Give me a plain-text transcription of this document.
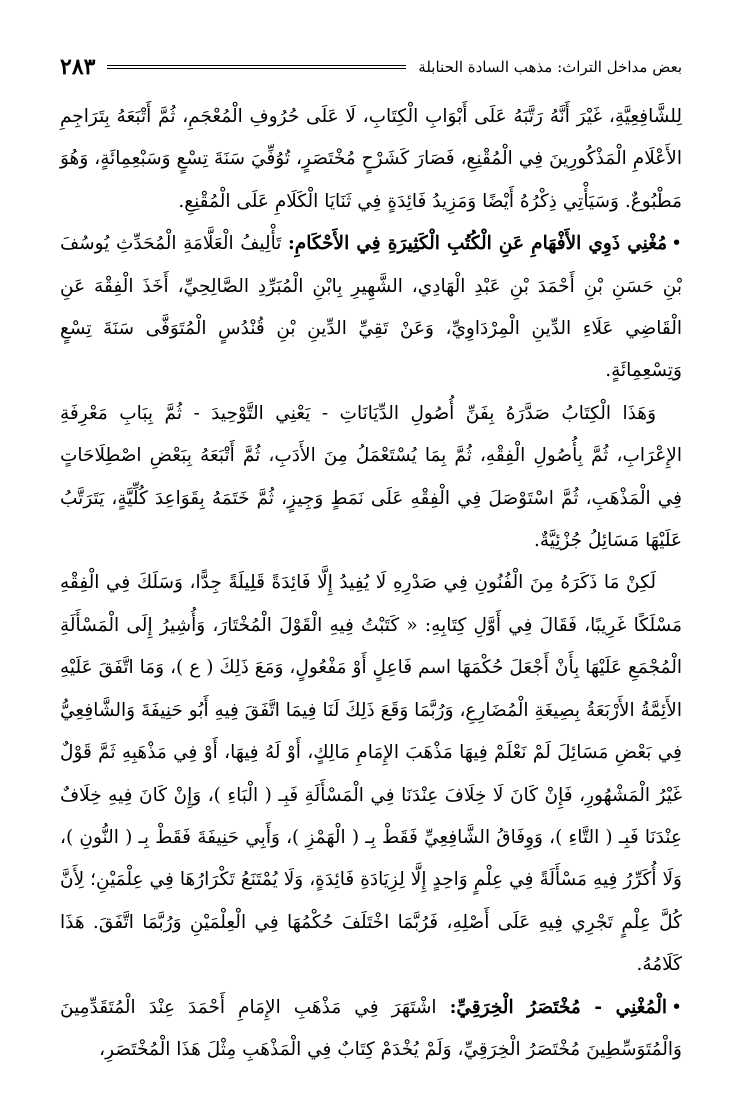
بعض مداخل التراث: مذهب السادة الحنابلة
٢٨٣

لِلشَّافِعِيَّةِ، غَيْرَ أَنَّهُ رَتَّبَهُ عَلَى أَبْوَابِ الْكِتَابِ، لَا عَلَى حُرُوفِ الْمُعْجَمِ، ثُمَّ أَتْبَعَهُ بِتَرَاجِمِ الأَعْلَامِ الْمَذْكُورِينَ فِي الْمُقْنِعِ، فَصَارَ كَشَرْحٍ مُخْتَصَرٍ، تُوُفِّيَ سَنَةَ تِسْعٍ وَسَبْعِمِائَةٍ، وَهُوَ مَطْبُوعٌ. وَسَيَأْتِي ذِكْرُهُ أَيْضًا وَمَزِيدُ فَائِدَةٍ فِي ثَنَايَا الْكَلَامِ عَلَى الْمُقْنِعِ.

•مُغْنِي ذَوِي الأَفْهَامِ عَنِ الْكُتُبِ الْكَثِيرَةِ فِي الأَحْكَامِ: تَأْلِيفُ الْعَلَّامَةِ الْمُحَدِّثِ يُوسُفَ بْنِ حَسَنِ بْنِ أَحْمَدَ بْنِ عَبْدِ الْهَادِي، الشَّهِيرِ بِابْنِ الْمُبَرِّدِ الصَّالِحِيِّ، أَخَذَ الْفِقْهَ عَنِ الْقَاضِي عَلَاءِ الدِّينِ الْمِرْدَاوِيِّ، وَعَنْ تَقِيِّ الدِّينِ بْنِ قُنْدُسٍ الْمُتَوَفَّى سَنَةَ تِسْعٍ وَتِسْعِمِائَةٍ.

وَهَذَا الْكِتَابُ صَدَّرَهُ بِفَنِّ أُصُولِ الدِّيَانَاتِ - يَعْنِي التَّوْحِيدَ - ثُمَّ بِبَابِ مَعْرِفَةِ الإِعْرَابِ، ثُمَّ بِأُصُولِ الْفِقْهِ، ثُمَّ بِمَا يُسْتَعْمَلُ مِنَ الأَدَبِ، ثُمَّ أَتْبَعَهُ بِبَعْضِ اصْطِلَاحَاتٍ فِي الْمَذْهَبِ، ثُمَّ اسْتَوْصَلَ فِي الْفِقْهِ عَلَى نَمَطٍ وَجِيزٍ، ثُمَّ خَتَمَهُ بِقَوَاعِدَ كُلِّيَّةٍ، يَتَرَتَّبُ عَلَيْهَا مَسَائِلُ جُزْئِيَّةٌ.

لَكِنْ مَا ذَكَرَهُ مِنَ الْفُنُونِ فِي صَدْرِهِ لَا يُفِيدُ إِلَّا فَائِدَةً قَلِيلَةً جِدًّا، وَسَلَكَ فِي الْفِقْهِ مَسْلَكًا غَرِيبًا، فَقَالَ فِي أَوَّلِ كِتَابِهِ: « كَتَبْتُ فِيهِ الْقَوْلَ الْمُخْتَارَ، وَأُشِيرُ إِلَى الْمَسْأَلَةِ الْمُجْمَعِ عَلَيْهَا بِأَنْ أَجْعَلَ حُكْمَهَا اسم فَاعِلٍ أَوْ مَفْعُولٍ، وَمَعَ ذَلِكَ ( ع )، وَمَا اتَّفَقَ عَلَيْهِ الأَئِمَّةُ الأَرْبَعَةُ بِصِيغَةِ الْمُضَارِعِ، وَرُبَّمَا وَقَعَ ذَلِكَ لَنَا فِيمَا اتَّفَقَ فِيهِ أَبُو حَنِيفَةَ وَالشَّافِعِيُّ فِي بَعْضِ مَسَائِلَ لَمْ نَعْلَمْ فِيهَا مَذْهَبَ الإِمَامِ مَالِكٍ، أَوْ لَهُ فِيهَا، أَوْ فِي مَذْهَبِهِ ثَمَّ قَوْلٌ غَيْرُ الْمَشْهُورِ، فَإِنْ كَانَ لَا خِلَافَ عِنْدَنَا فِي الْمَسْأَلَةِ فَبِـ ( الْبَاءِ )، وَإِنْ كَانَ فِيهِ خِلَافٌ عِنْدَنَا فَبِـ ( التَّاءِ )، وَوِفَاقُ الشَّافِعِيِّ فَقَطْ بِـ ( الْهَمْزِ )، وَأَبِي حَنِيفَةَ فَقَطْ بِـ ( النُّونِ )، وَلَا أُكَرِّرُ فِيهِ مَسْأَلَةً فِي عِلْمٍ وَاحِدٍ إِلَّا لِزِيَادَةِ فَائِدَةٍ، وَلَا يُمْتَنَعُ تَكْرَارُهَا فِي عِلْمَيْنِ؛ لِأَنَّ كُلَّ عِلْمٍ تَجْرِي فِيهِ عَلَى أَصْلِهِ، فَرُبَّمَا اخْتَلَفَ حُكْمُهَا فِي الْعِلْمَيْنِ وَرُبَّمَا اتَّفَقَ. هَذَا كَلَامُهُ.

•الْمُغْنِي - مُخْتَصَرُ الْخِرَقِيِّ: اشْتَهَرَ فِي مَذْهَبِ الإِمَامِ أَحْمَدَ عِنْدَ الْمُتَقَدِّمِينَ وَالْمُتَوَسِّطِينَ مُخْتَصَرُ الْخِرَقِيِّ، وَلَمْ يُخْدَمْ كِتَابٌ فِي الْمَذْهَبِ مِثْلَ هَذَا الْمُخْتَصَرِ،
